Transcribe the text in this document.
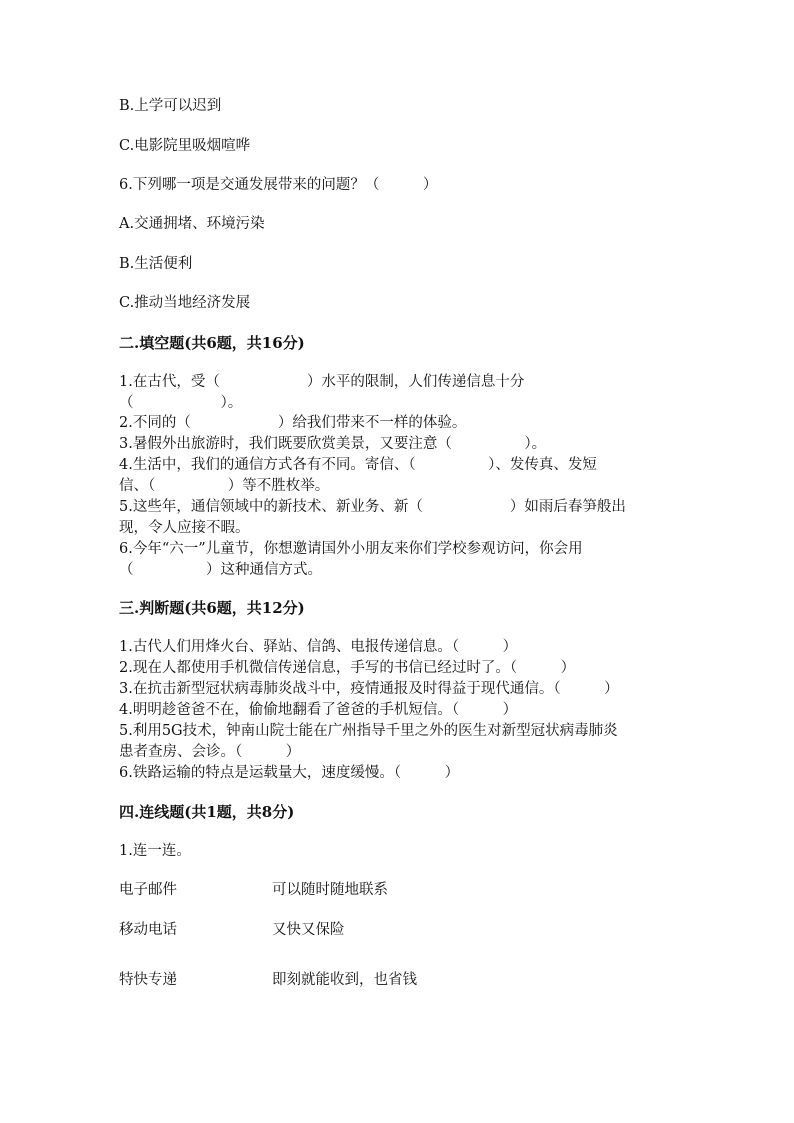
B.上学可以迟到
C.电影院里吸烟喧哗
6.下列哪一项是交通发展带来的问题？（　　　）
A.交通拥堵、环境污染
B.生活便利
C.推动当地经济发展
二.填空题(共6题，共16分)
1.在古代，受（　　　　　　）水平的限制，人们传递信息十分
（　　　　　　）。
2.不同的（　　　　　　）给我们带来不一样的体验。
3.暑假外出旅游时，我们既要欣赏美景，又要注意（　　　　　）。
4.生活中，我们的通信方式各有不同。寄信、（　　　　　）、发传真、发短
信、（　　　　　）等不胜枚举。
5.这些年，通信领域中的新技术、新业务、新（　　　　　　）如雨后春笋般出
现，令人应接不暇。
6.今年“六一”儿童节，你想邀请国外小朋友来你们学校参观访问，你会用
（　　　　　）这种通信方式。
三.判断题(共6题，共12分)
1.古代人们用烽火台、驿站、信鸽、电报传递信息。（　　　）
2.现在人都使用手机微信传递信息，手写的书信已经过时了。（　　　）
3.在抗击新型冠状病毒肺炎战斗中，疫情通报及时得益于现代通信。（　　　）
4.明明趁爸爸不在，偷偷地翻看了爸爸的手机短信。（　　　）
5.利用5G技术，钟南山院士能在广州指导千里之外的医生对新型冠状病毒肺炎
患者查房、会诊。（　　　）
6.铁路运输的特点是运载量大，速度缓慢。（　　　）
四.连线题(共1题，共8分)
1.连一连。
电子邮件	可以随时随地联系
移动电话	又快又保险
特快专递	即刻就能收到，也省钱
